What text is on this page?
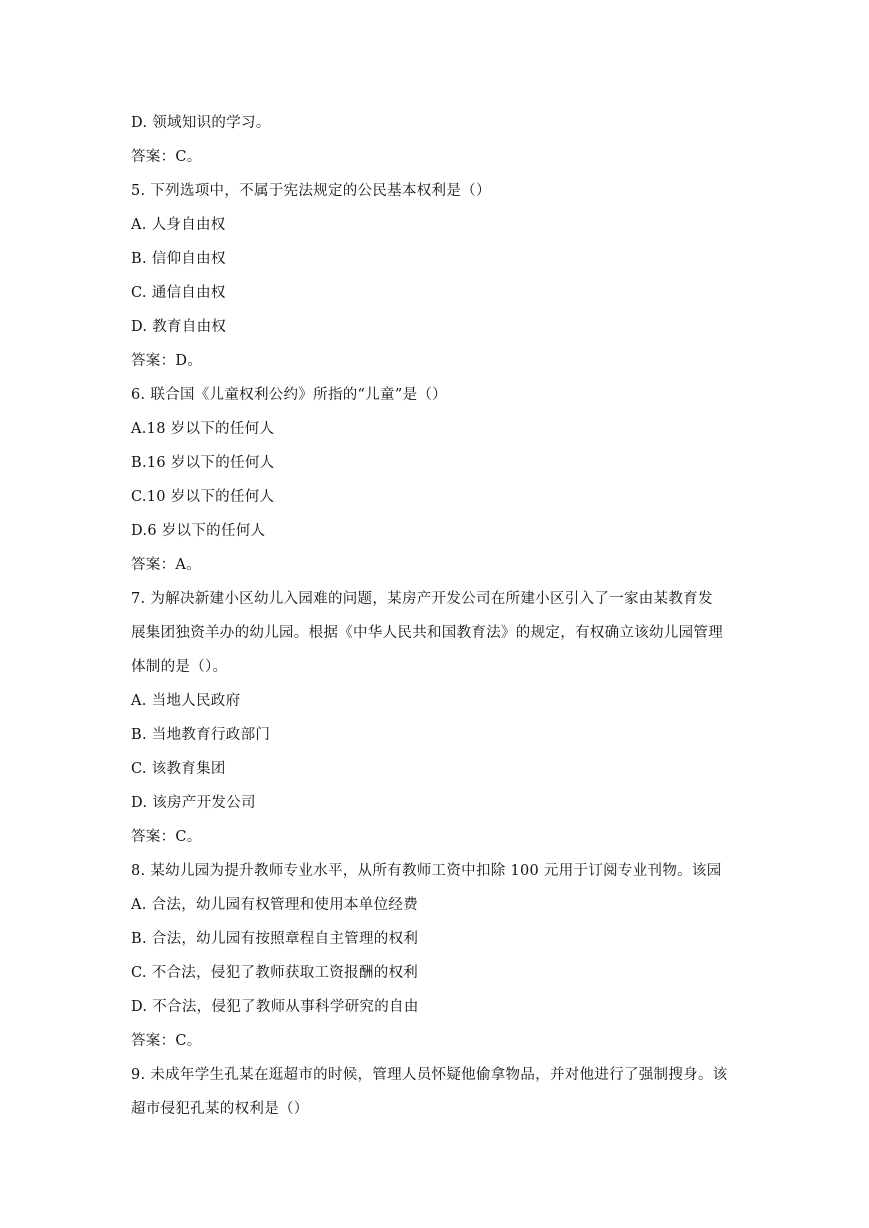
D. 领域知识的学习。
答案：C。
5. 下列选项中，不属于宪法规定的公民基本权利是（）
A. 人身自由权
B. 信仰自由权
C. 通信自由权
D. 教育自由权
答案：D。
6. 联合国《儿童权利公约》所指的“儿童”是（）
A.18 岁以下的任何人
B.16 岁以下的任何人
C.10 岁以下的任何人
D.6 岁以下的任何人
答案：A。
7. 为解决新建小区幼儿入园难的问题，某房产开发公司在所建小区引入了一家由某教育发
展集团独资羊办的幼儿园。根据《中华人民共和国教育法》的规定，有权确立该幼儿园管理
体制的是（）。
A. 当地人民政府
B. 当地教育行政部门
C. 该教育集团
D. 该房产开发公司
答案：C。
8. 某幼儿园为提升教师专业水平，从所有教师工资中扣除 100 元用于订阅专业刊物。该园
A. 合法，幼儿园有权管理和使用本单位经费
B. 合法，幼儿园有按照章程自主管理的权利
C. 不合法，侵犯了教师获取工资报酬的权利
D. 不合法，侵犯了教师从事科学研究的自由
答案：C。
9. 未成年学生孔某在逛超市的时候，管理人员怀疑他偷拿物品，并对他进行了强制搜身。该
超市侵犯孔某的权利是（）
